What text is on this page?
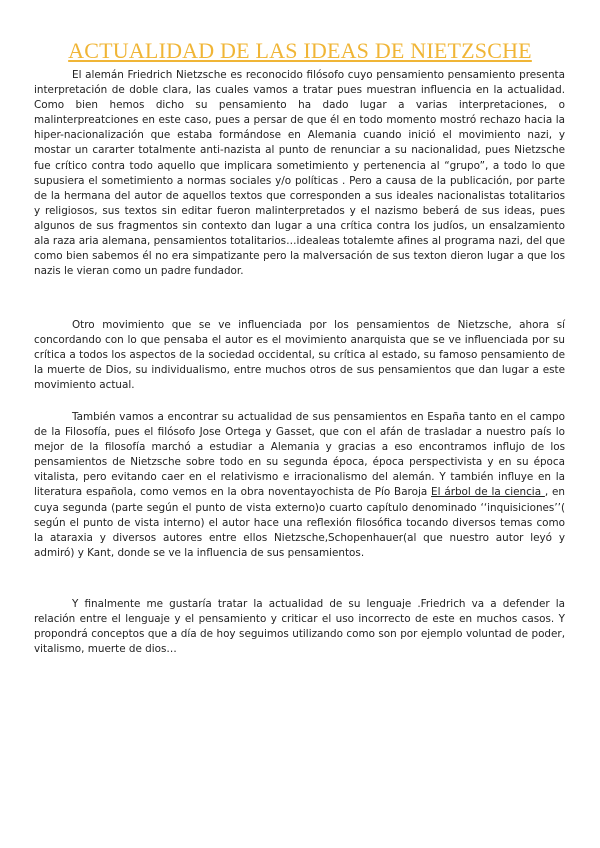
ACTUALIDAD DE LAS IDEAS DE NIETZSCHE

El alemán Friedrich Nietzsche es reconocido filósofo cuyo pensamiento pensamiento presenta interpretación de doble clara, las cuales vamos a tratar pues muestran influencia en la actualidad. Como bien hemos dicho su pensamiento ha dado lugar a varias interpretaciones, o malinterpreatciones en este caso, pues a persar de que él en todo momento mostró rechazo hacia la hiper-nacionalización que estaba formándose en Alemania cuando inició el movimiento nazi, y mostar un cararter totalmente anti-nazista al punto de renunciar a su nacionalidad, pues Nietzsche fue crítico contra todo aquello que implicara sometimiento y pertenencia al “grupo”, a todo lo que supusiera el sometimiento a normas sociales y/o políticas . Pero a causa de la publicación, por parte de la hermana del autor de aquellos textos que corresponden a sus ideales nacionalistas totalitarios y religiosos, sus textos sin editar fueron malinterpretados y el nazismo beberá de sus ideas, pues algunos de sus fragmentos sin contexto dan lugar a una crítica contra los judíos, un ensalzamiento ala raza aria alemana, pensamientos totalitarios…idealeas totalemte afines al programa nazi, del que como bien sabemos él no era simpatizante pero la malversación de sus texton dieron lugar a que los nazis le vieran como un padre fundador.

Otro movimiento que se ve influenciada por los pensamientos de Nietzsche, ahora sí concordando con lo que pensaba el autor es el movimiento anarquista que se ve influenciada por su crítica a todos los aspectos de la sociedad occidental, su crítica al estado, su famoso pensamiento de la muerte de Dios, su individualismo, entre muchos otros de sus pensamientos que dan lugar a este movimiento actual.

También vamos a encontrar su actualidad de sus pensamientos en España tanto en el campo de la Filosofía, pues el filósofo Jose Ortega y Gasset, que con el afán de trasladar a nuestro país lo mejor de la filosofía marchó a estudiar a Alemania y gracias a eso encontramos influjo de los pensamientos de Nietzsche sobre todo en su segunda época, época perspectivista y en su época vitalista, pero evitando caer en el relativismo e irracionalismo del alemán. Y también influye en la literatura española, como vemos en la obra noventayochista de Pío Baroja El árbol de la ciencia , en cuya segunda (parte según el punto de vista externo)o cuarto capítulo denominado ‘‘inquisiciones’’( según el punto de vista interno) el autor hace una reflexión filosófica tocando diversos temas como la ataraxia y diversos autores entre ellos Nietzsche,Schopenhauer(al que nuestro autor leyó y admiró) y Kant, donde se ve la influencia de sus pensamientos.

Y finalmente me gustaría tratar la actualidad de su lenguaje .Friedrich va a defender la relación entre el lenguaje y el pensamiento y criticar el uso incorrecto de este en muchos casos. Y propondrá conceptos que a día de hoy seguimos utilizando como son por ejemplo voluntad de poder, vitalismo, muerte de dios…
